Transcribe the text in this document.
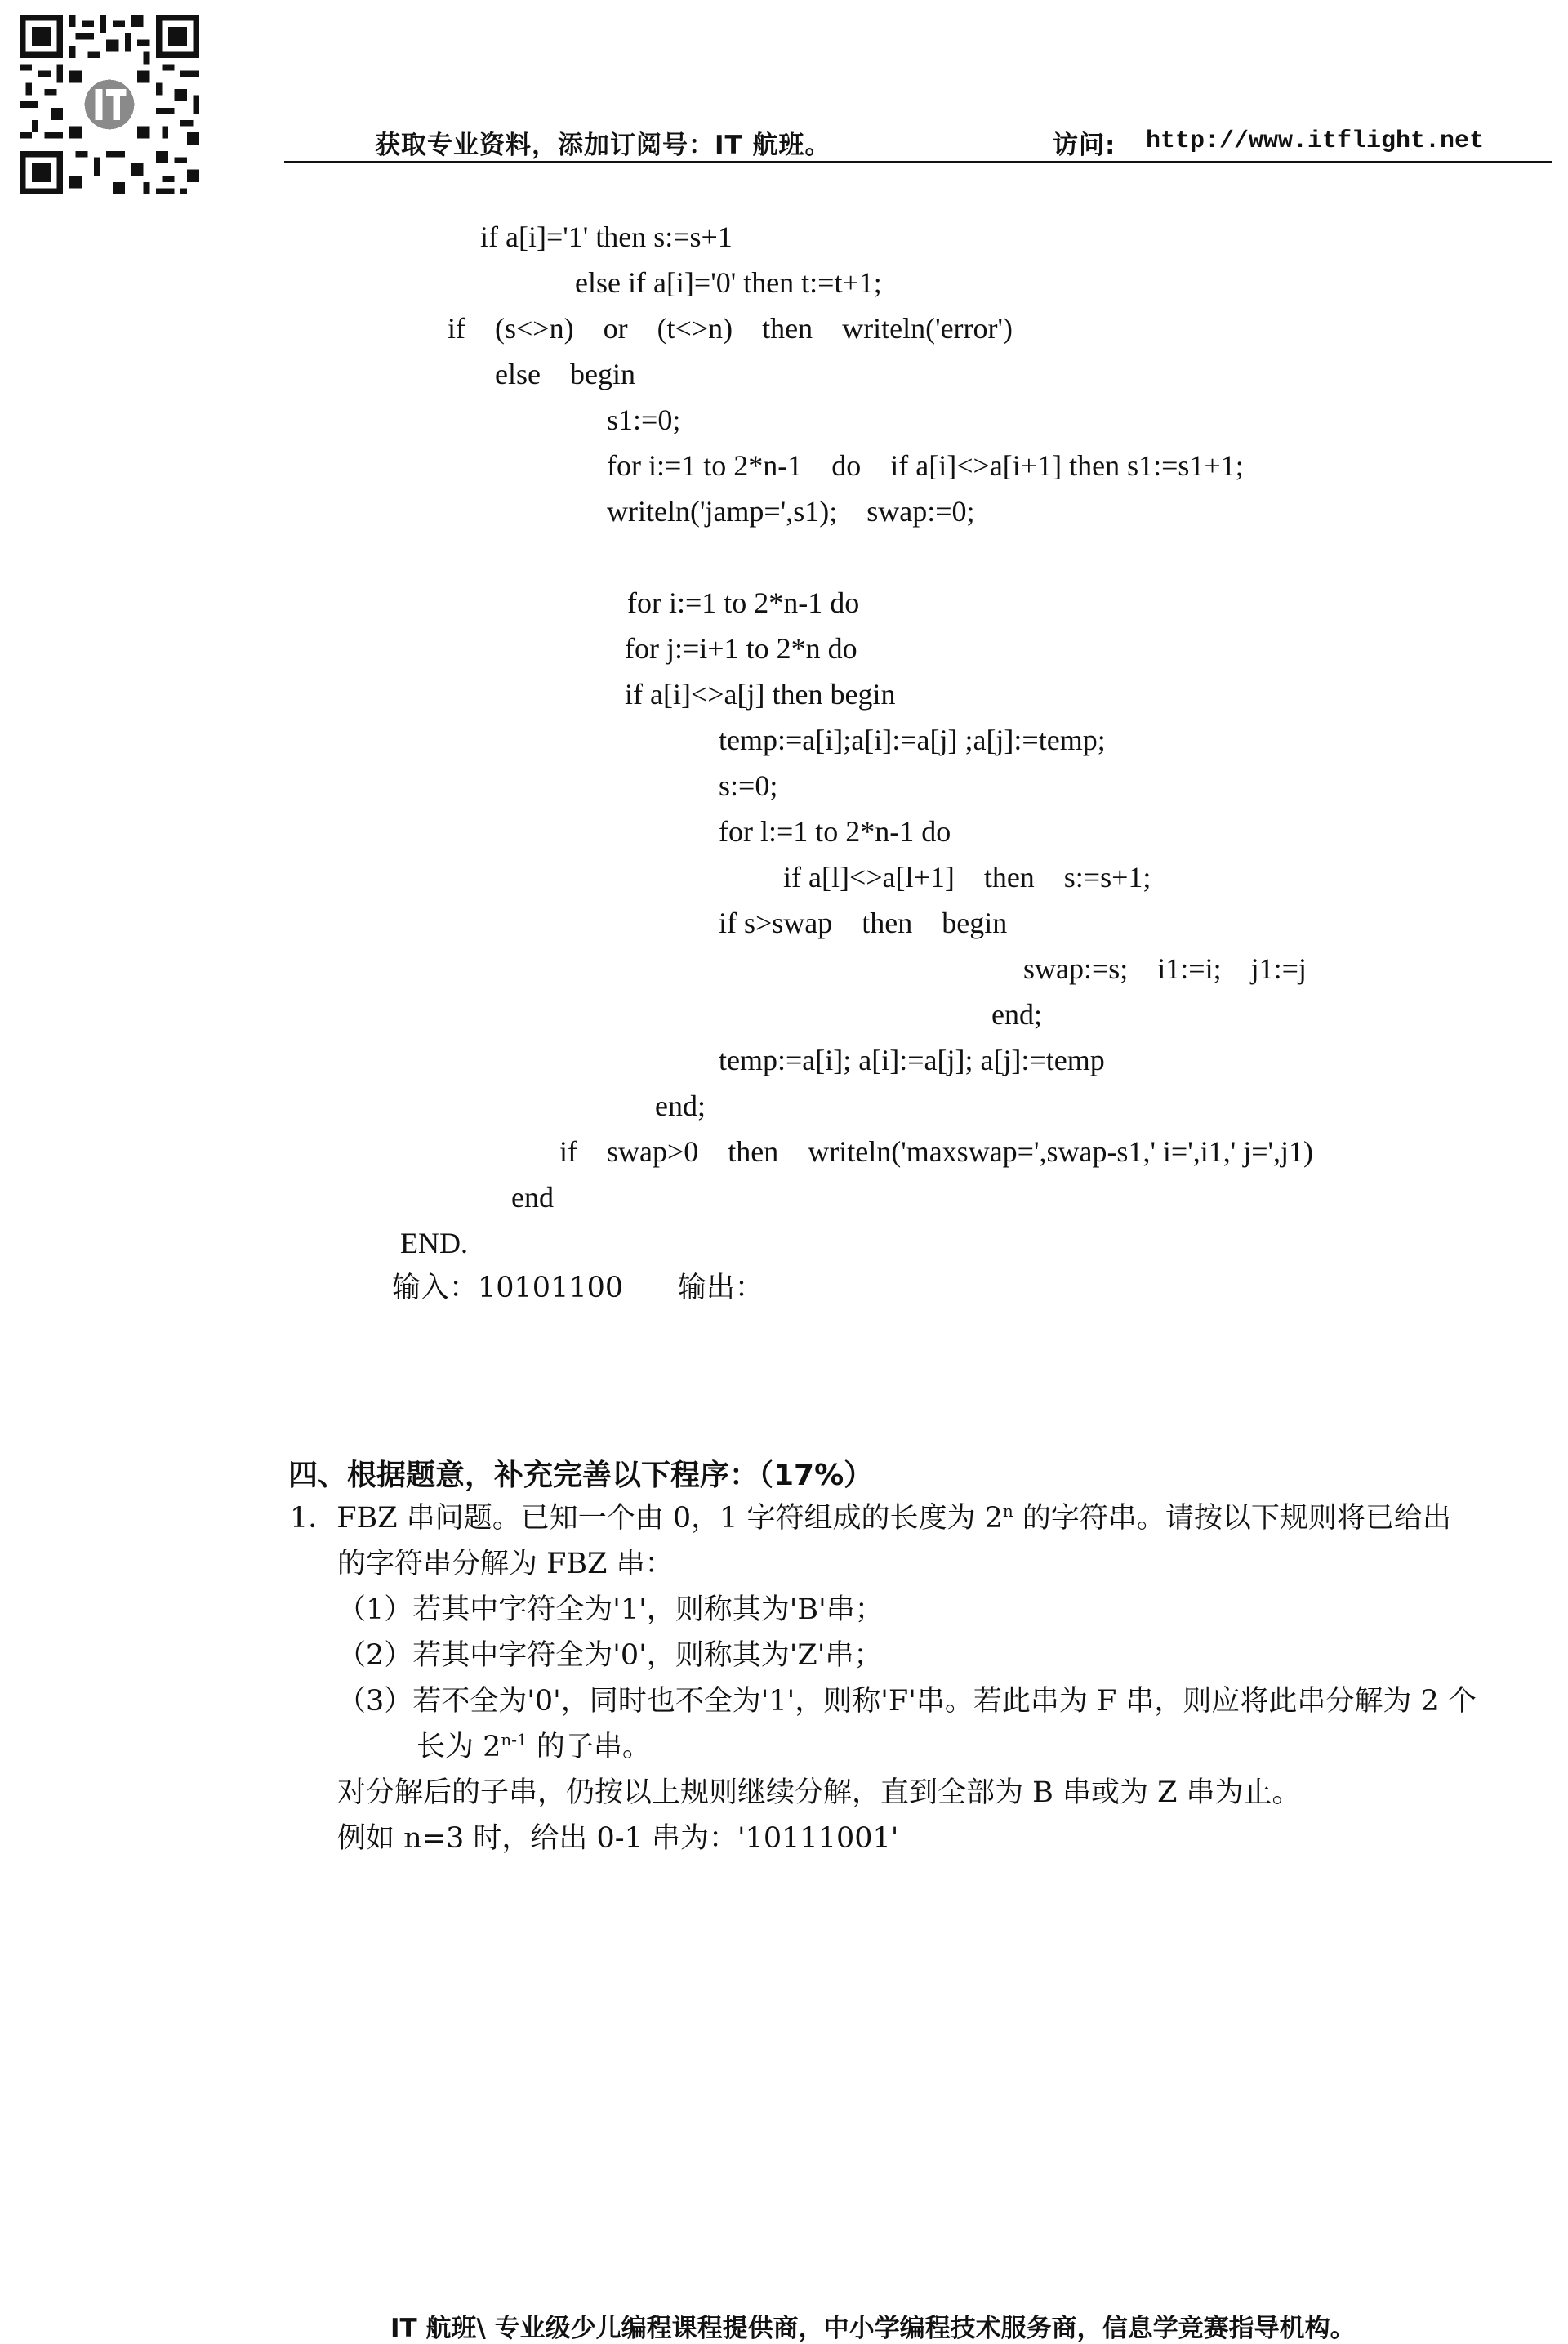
获取专业资料，添加订阅号：IT 航班。	访问: http://www.itflight.net
if a[i]='1' then s:=s+1
else if a[i]='0' then t:=t+1;
if    (s<>n)    or    (t<>n)    then    writeln('error')
else    begin
s1:=0;
for i:=1 to 2*n-1    do    if a[i]<>a[i+1] then s1:=s1+1;
writeln('jamp=',s1);    swap:=0;
for i:=1 to 2*n-1 do
for j:=i+1 to 2*n do
if a[i]<>a[j] then begin
temp:=a[i];a[i]:=a[j] ;a[j]:=temp;
s:=0;
for l:=1 to 2*n-1 do
if a[l]<>a[l+1]    then    s:=s+1;
if s>swap    then    begin
swap:=s;    i1:=i;    j1:=j
end;
temp:=a[i]; a[i]:=a[j]; a[j]:=temp
end;
if    swap>0    then    writeln('maxswap=',swap-s1,' i=',i1,' j=',j1)
end
END.
输入：10101100      输出：
四、根据题意，补充完善以下程序：（17%）
1．FBZ 串问题。已知一个由 0，1 字符组成的长度为 2$^n$ 的字符串。请按以下规则将已给出
的字符串分解为 FBZ 串：
（1）若其中字符全为'1'，则称其为'B'串；
（2）若其中字符全为'0'，则称其为'Z'串；
（3）若不全为'0'，同时也不全为'1'，则称'F'串。若此串为 F 串，则应将此串分解为 2 个
长为 2$^{n-1}$ 的子串。
对分解后的子串，仍按以上规则继续分解，直到全部为 B 串或为 Z 串为止。
例如 n=3 时，给出 0-1 串为：'10111001'
IT 航班\ 专业级少儿编程课程提供商，中小学编程技术服务商，信息学竞赛指导机构。
